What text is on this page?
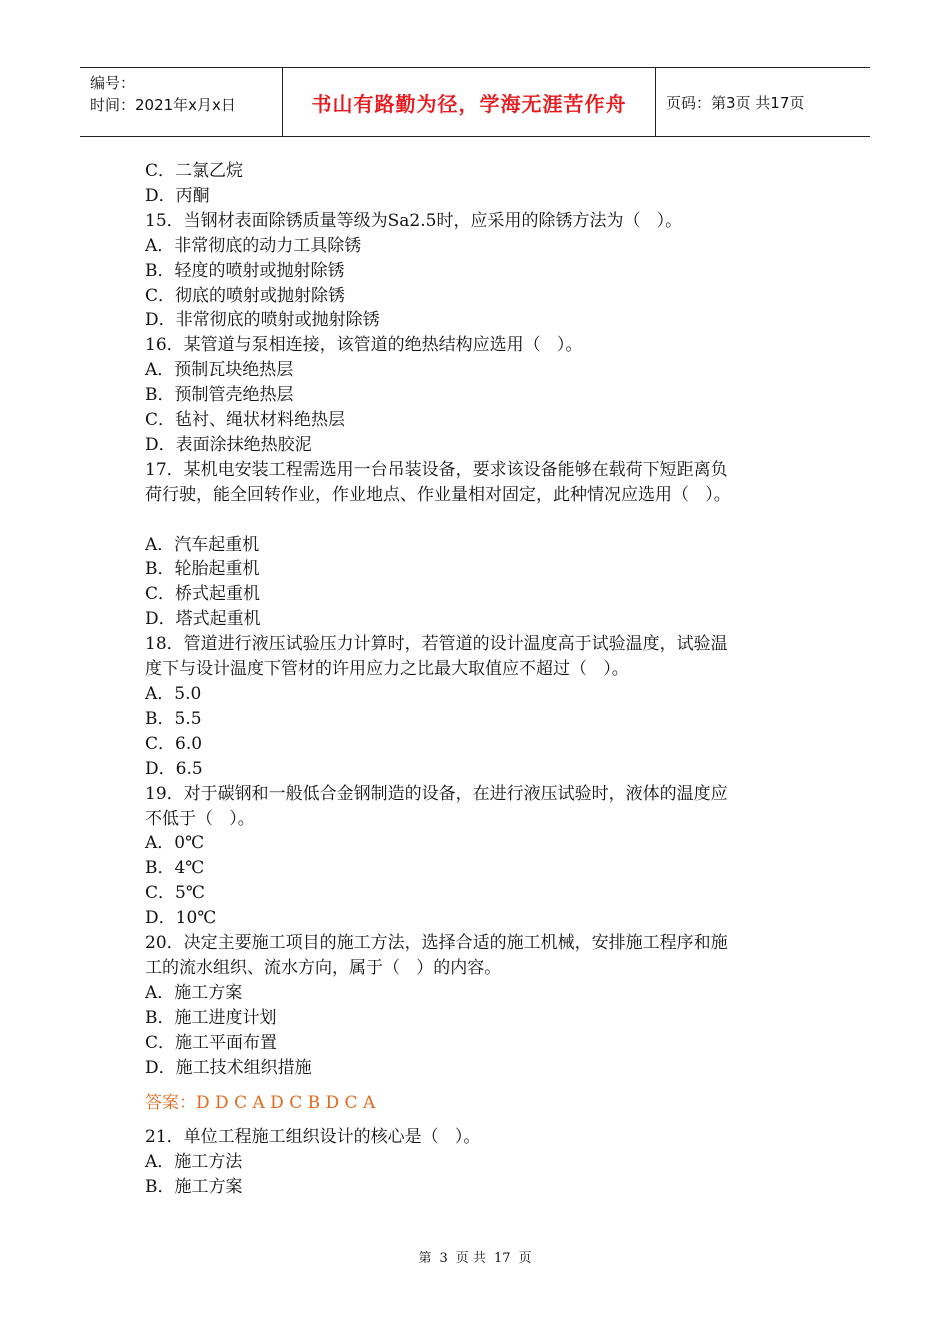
编号：
时间：2021年x月x日	书山有路勤为径，学海无涯苦作舟	页码：第3页 共17页
C．二氯乙烷
D．丙酮
15．当钢材表面除锈质量等级为Sa2.5时，应采用的除锈方法为（   ）。
A．非常彻底的动力工具除锈
B．轻度的喷射或抛射除锈
C．彻底的喷射或抛射除锈
D．非常彻底的喷射或抛射除锈
16．某管道与泵相连接，该管道的绝热结构应选用（   ）。
A．预制瓦块绝热层
B．预制管壳绝热层
C．毡衬、绳状材料绝热层
D．表面涂抹绝热胶泥
17．某机电安装工程需选用一台吊装设备，要求该设备能够在载荷下短距离负
荷行驶，能全回转作业，作业地点、作业量相对固定，此种情况应选用（   ）。
A．汽车起重机
B．轮胎起重机
C．桥式起重机
D．塔式起重机
18．管道进行液压试验压力计算时，若管道的设计温度高于试验温度，试验温
度下与设计温度下管材的许用应力之比最大取值应不超过（   ）。
A．5.0
B．5.5
C．6.0
D．6.5
19．对于碳钢和一般低合金钢制造的设备，在进行液压试验时，液体的温度应
不低于（   ）。
A．0℃
B．4℃
C．5℃
D．10℃
20．决定主要施工项目的施工方法，选择合适的施工机械，安排施工程序和施
工的流水组织、流水方向，属于（   ）的内容。
A．施工方案
B．施工进度计划
C．施工平面布置
D．施工技术组织措施
答案：D D C A D C B D C A
21．单位工程施工组织设计的核心是（   ）。
A．施工方法
B．施工方案
第 3 页 共 17 页
